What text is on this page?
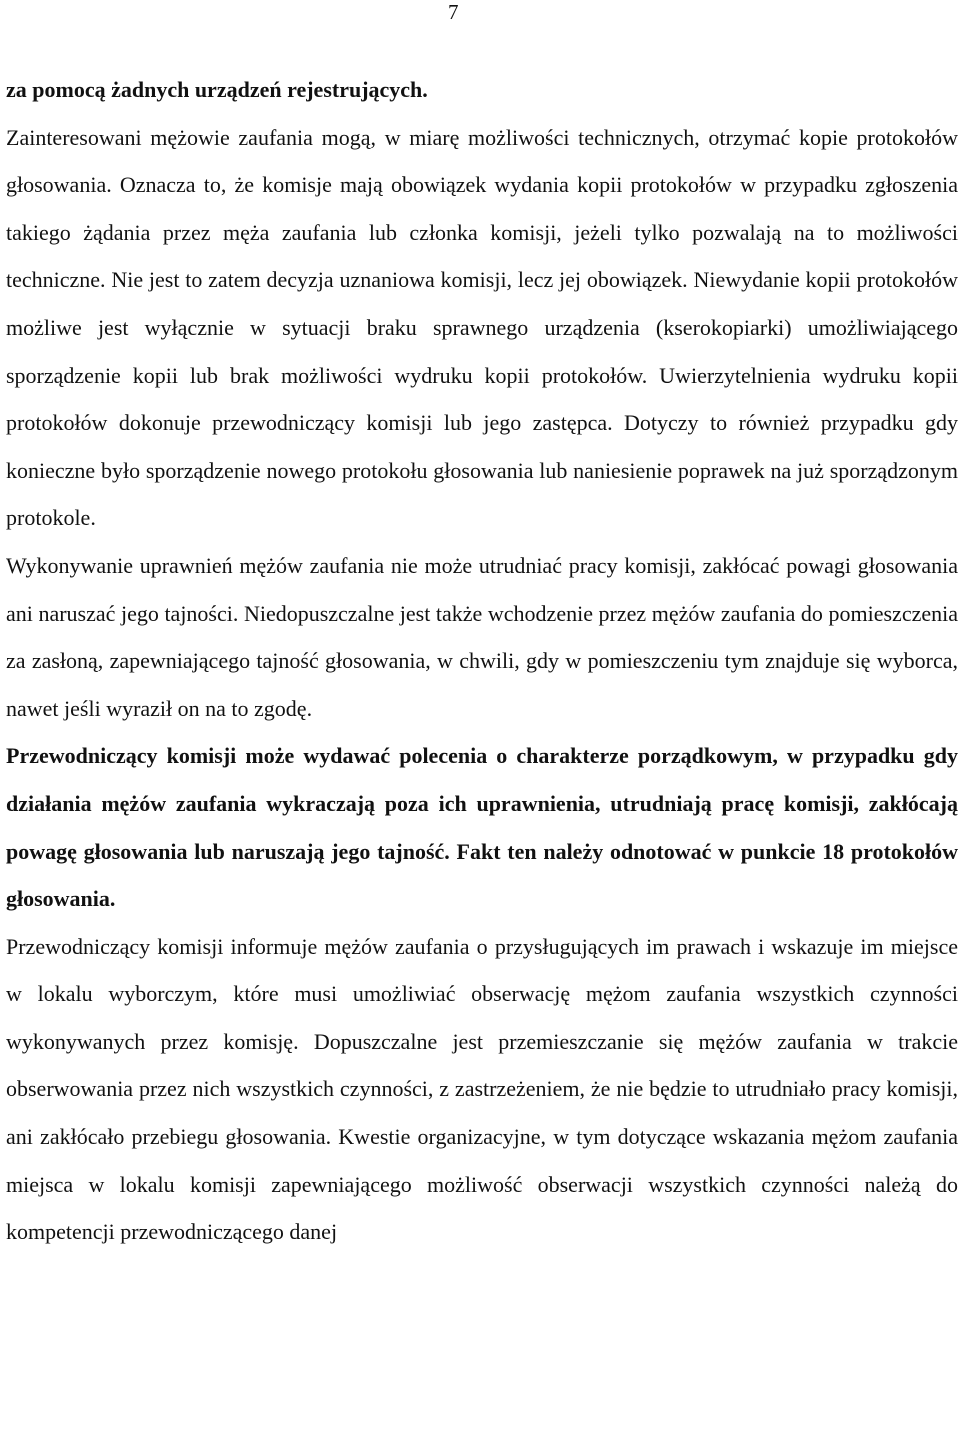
7

za pomocą żadnych urządzeń rejestrujących.

Zainteresowani mężowie zaufania mogą, w miarę możliwości technicznych, otrzymać kopie protokołów głosowania. Oznacza to, że komisje mają obowiązek wydania kopii protokołów w przypadku zgłoszenia takiego żądania przez męża zaufania lub członka komisji, jeżeli tylko pozwalają na to możliwości techniczne. Nie jest to zatem decyzja uznaniowa komisji, lecz jej obowiązek. Niewydanie kopii protokołów możliwe jest wyłącznie w sytuacji braku sprawnego urządzenia (kserokopiarki) umożliwiającego sporządzenie kopii lub brak możliwości wydruku kopii protokołów. Uwierzytelnienia wydruku kopii protokołów dokonuje przewodniczący komisji lub jego zastępca. Dotyczy to również przypadku gdy konieczne było sporządzenie nowego protokołu głosowania lub naniesienie poprawek na już sporządzonym protokole.

Wykonywanie uprawnień mężów zaufania nie może utrudniać pracy komisji, zakłócać powagi głosowania ani naruszać jego tajności. Niedopuszczalne jest także wchodzenie przez mężów zaufania do pomieszczenia za zasłoną, zapewniającego tajność głosowania, w chwili, gdy w pomieszczeniu tym znajduje się wyborca, nawet jeśli wyraził on na to zgodę.

Przewodniczący komisji może wydawać polecenia o charakterze porządkowym, w przypadku gdy działania mężów zaufania wykraczają poza ich uprawnienia, utrudniają pracę komisji, zakłócają powagę głosowania lub naruszają jego tajność. Fakt ten należy odnotować w punkcie 18 protokołów głosowania.

Przewodniczący komisji informuje mężów zaufania o przysługujących im prawach i wskazuje im miejsce w lokalu wyborczym, które musi umożliwiać obserwację mężom zaufania wszystkich czynności wykonywanych przez komisję. Dopuszczalne jest przemieszczanie się mężów zaufania w trakcie obserwowania przez nich wszystkich czynności, z zastrzeżeniem, że nie będzie to utrudniało pracy komisji, ani zakłócało przebiegu głosowania. Kwestie organizacyjne, w tym dotyczące wskazania mężom zaufania miejsca w lokalu komisji zapewniającego możliwość obserwacji wszystkich czynności należą do kompetencji przewodniczącego danej
